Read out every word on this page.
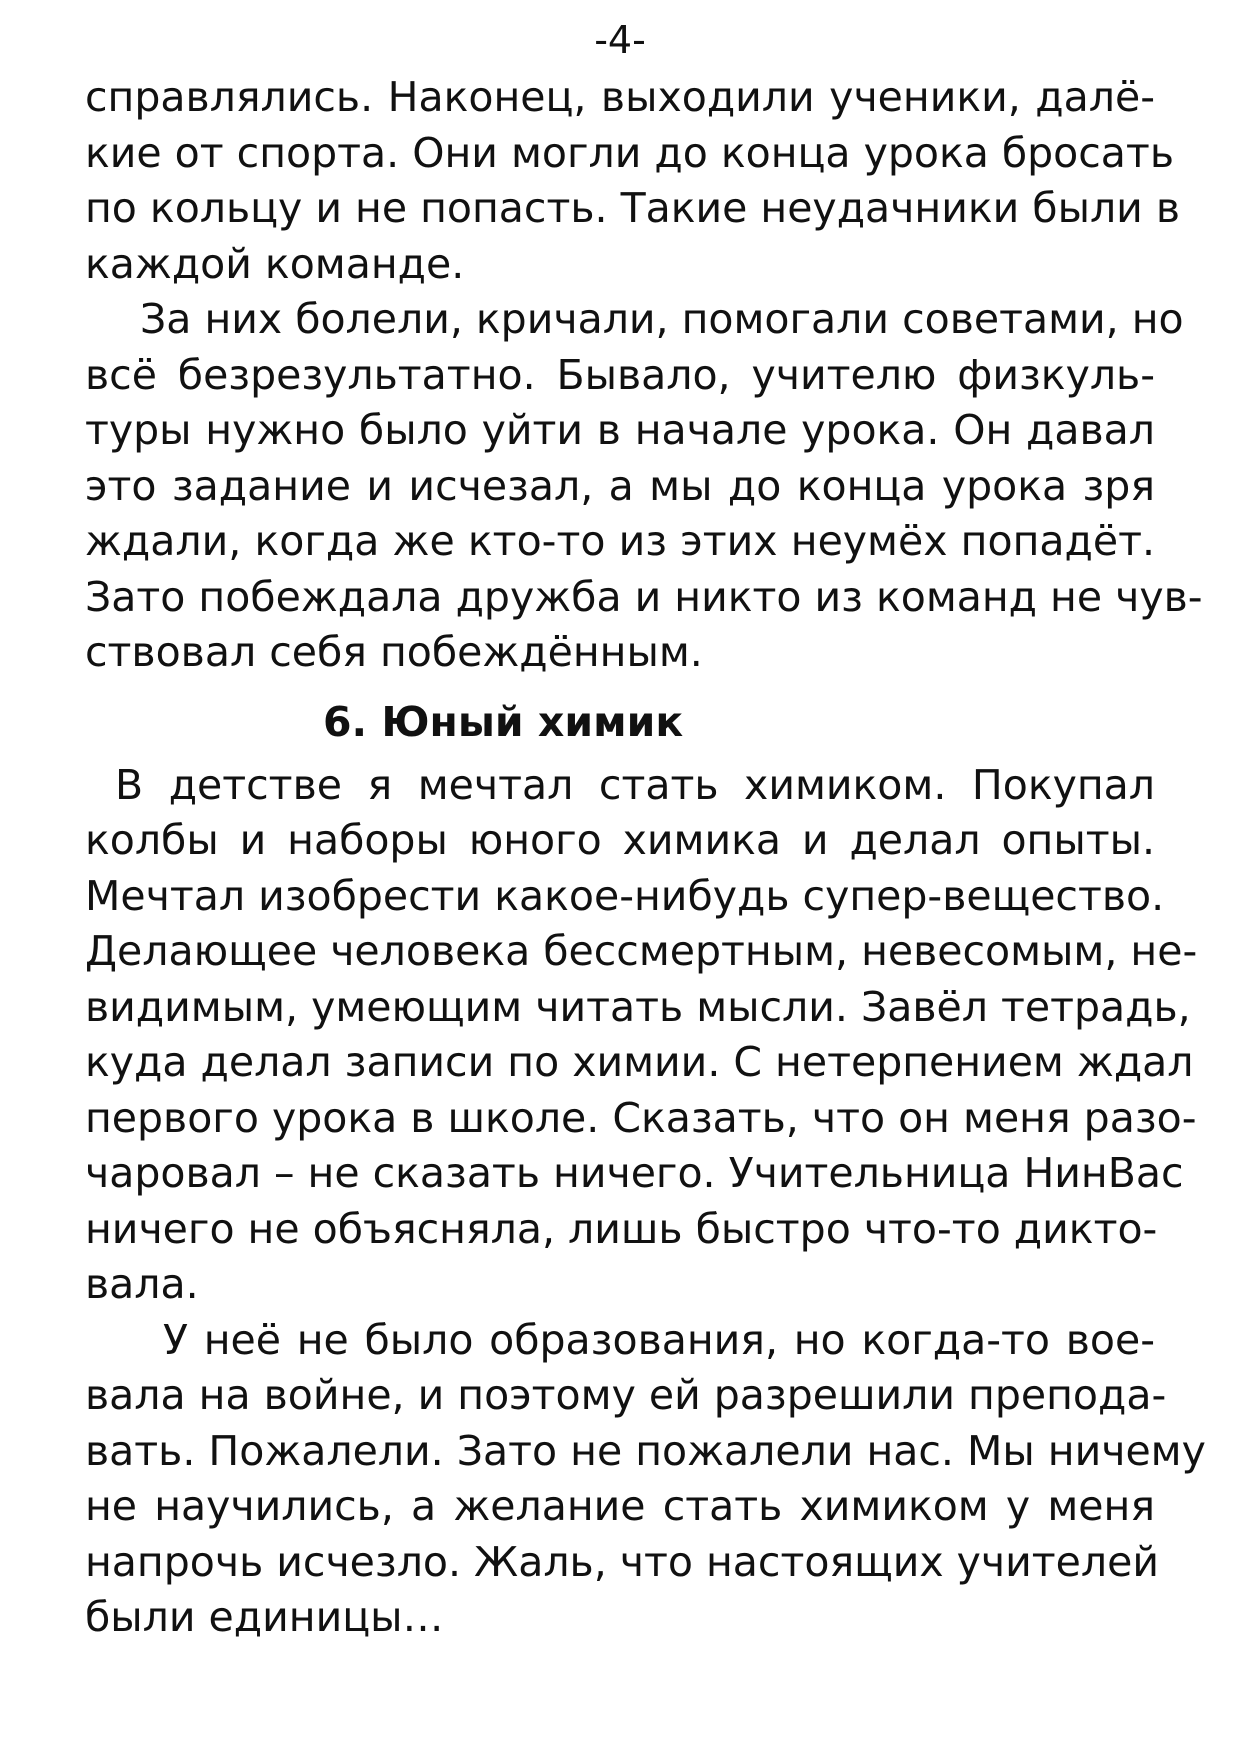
-4-
справлялись. Наконец, выходили ученики, далё-
кие от спорта. Они могли до конца урока бросать
по кольцу и не попасть. Такие неудачники были в
каждой команде.
За них болели, кричали, помогали советами, но
всё безрезультатно. Бывало, учителю физкуль-
туры нужно было уйти в начале урока. Он давал
это задание и исчезал, а мы до конца урока зря
ждали, когда же кто-то из этих неумёх попадёт.
Зато побеждала дружба и никто из команд не чув-
ствовал себя побеждённым.
6. Юный химик
В детстве я мечтал стать химиком. Покупал
колбы и наборы юного химика и делал опыты.
Мечтал изобрести какое-нибудь супер-вещество.
Делающее человека бессмертным, невесомым, не-
видимым, умеющим читать мысли. Завёл тетрадь,
куда делал записи по химии. С нетерпением ждал
первого урока в школе. Сказать, что он меня разо-
чаровал – не сказать ничего. Учительница НинВас
ничего не объясняла, лишь быстро что-то дикто-
вала.
У неё не было образования, но когда-то вое-
вала на войне, и поэтому ей разрешили препода-
вать. Пожалели. Зато не пожалели нас. Мы ничему
не научились, а желание стать химиком у меня
напрочь исчезло. Жаль, что настоящих учителей
были единицы…
